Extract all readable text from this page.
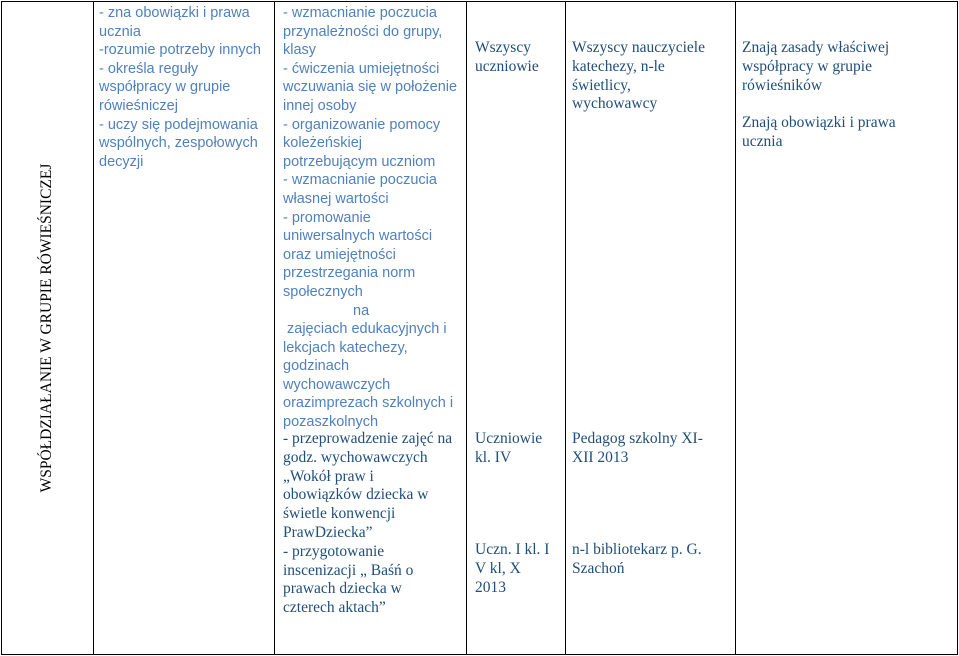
WSPÓŁDZIAŁANIE W GRUPIE RÓWIEŚNICZEJ
- zna obowiązki i prawa
ucznia
-rozumie potrzeby innych
- określa reguły
współpracy w grupie
rówieśniczej
- uczy się podejmowania
wspólnych, zespołowych
decyzji
- wzmacnianie poczucia
przynależności do grupy,
klasy
- ćwiczenia umiejętności
wczuwania się w położenie
innej osoby
- organizowanie pomocy
koleżeńskiej
potrzebującym uczniom
- wzmacnianie poczucia
własnej wartości
- promowanie
uniwersalnych wartości
oraz umiejętności
przestrzegania norm
społecznych
na
zajęciach edukacyjnych i
lekcjach katechezy,
godzinach
wychowawczych
orazimprezach szkolnych i
pozaszkolnych
- przeprowadzenie zajęć na
godz. wychowawczych
„Wokół praw i
obowiązków dziecka w
świetle konwencji
PrawDziecka”
- przygotowanie
inscenizacji „ Baśń o
prawach dziecka w
czterech aktach”
Wszyscy
uczniowie
Uczniowie
kl. IV
Uczn. I kl. I
V kl, X
2013
Wszyscy nauczyciele
katechezy, n-le
świetlicy,
wychowawcy
Pedagog szkolny XI-
XII 2013
n-l bibliotekarz p. G.
Szachoń
Znają zasady właściwej
współpracy w grupie
rówieśników
Znają obowiązki i prawa
ucznia
